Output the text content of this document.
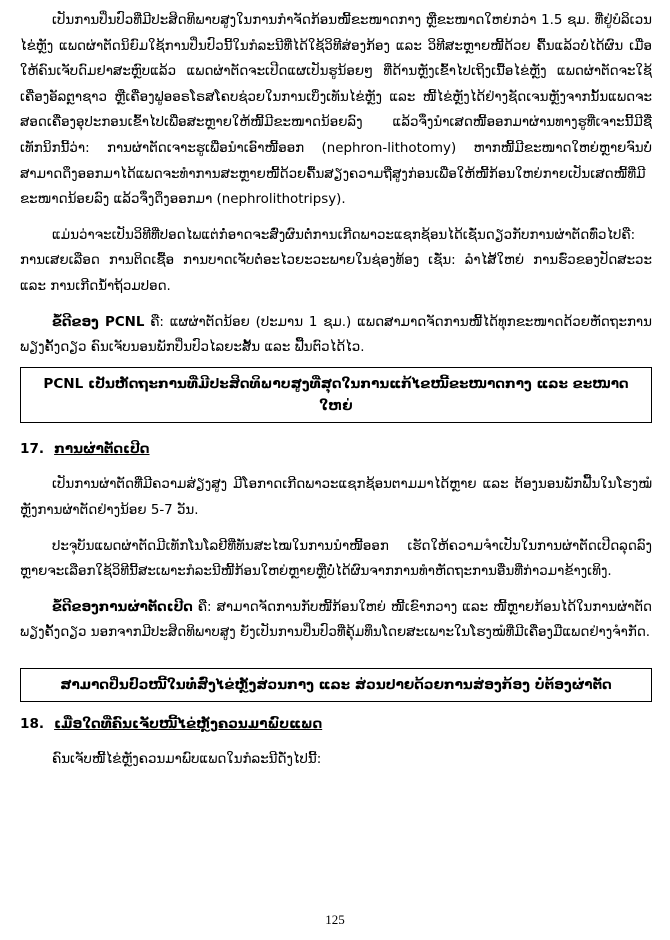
ເປັນການປິ່ນປົວທີ່ມີປະສິດທິພາບສູງໃນການກຳຈັດກ້ອນໜີ້ຂະໜາດກາງ ຫຼືຂະໜາດໃຫຍ່ກວ່າ 1.5 ຊມ. ທີ່ຢູ່ບໍລິເວນໄຂ່ຫຼັງ ແພດຜ່າຕັດນິຍົມໃຊ້ການປິ່ນປົວນີ້ໃນກໍລະນີທີ່ໄດ້ໃຊ້ວິທີສ່ອງກ້ອງ ແລະ ວິທີສະຫຼາຍໜີ້ດ້ວຍ ຄື້ນແລ້ວບໍ່ໄດ້ຜົນ ເມື່ອໃຫ້ຄົນເຈັບດົມຢາສະຫຼົບແລ້ວ ແພດຜ່າຕັດຈະເປີດແຜເປັນຮູນ້ອຍໆ ທີ່ດ້ານຫຼັງເຂົ້າໄປເຖິງເນື້ອໄຂ່ຫຼັງ ແພດຜ່າຕັດຈະໃຊ້ເຄື່ອງອັລຕຼາຊາວ ຫຼືເຄື່ອງຟູອອຣໂຣສໂຄບຊ່ວຍໃນການເບິ່ງເທັນໄຂ່ຫຼັງ ແລະ ໜີ້ໄຂ່ຫຼັງໄດ້ຢ່າງຊັດເຈນຫຼັງຈາກນັ້ນແພດຈະສອດເຄື່ອງອຸປະກອນເຂົ້າໄປເພື່ອສະຫຼາຍໃຫ້ໜີ້ມີຂະໜາດນ້ອຍລົງ ແລ້ວຈຶ່ງນຳເສດໜີ້ອອກມາຜ່ານທາງຮູທີ່ເຈາະນີ້ມີຊື່ເທັກນິກນີ້ວ່າ: ການຜ່າຕັດເຈາະຮູເພື່ອນຳເອົາໜີ້ອອກ (nephron-lithotomy) ຫາກໜີ້ມີຂະໜາດໃຫຍ່ຫຼາຍຈົນບໍ່ສາມາດດຶງອອກມາໄດ້ແພດຈະທຳການສະຫຼາຍໜີ້ດ້ວຍຄື້ນສຽງຄວາມຖີ່ສູງກ່ອນເພື່ອໃຫ້ໜີ້ກ້ອນໃຫຍ່ກາຍເປັນເສດໜີ້ທີ່ມີຂະໜາດນ້ອຍລົງ ແລ້ວຈຶ່ງດຶງອອກມາ (nephrolithotripsy).

ແມ່ນວ່າຈະເປັນວິທີທີ່ປອດໄພແຕ່ກໍ່ອາດຈະສົ່ງຜົນຕໍ່ການເກີດພາວະແຊກຊ້ອນໄດ້ເຊັ່ນດຽວກັບການຜ່າຕັດທົ່ວໄປຄື: ການເສຍເລືອດ ການຕິດເຊື້ອ ການບາດເຈັບຕໍ່ອະໄວຍະວະພາຍໃນຊ່ອງທ້ອງ ເຊັ່ນ: ລຳໄສ້ໃຫຍ່ ການຮົ່ວຂອງປັດສະວະ ແລະ ການເກີດນ້ຳຖ້ວມປອດ.

ຂໍ້ດີຂອງ PCNL ຄື: ແຜຜ່າຕັດນ້ອຍ (ປະມານ 1 ຊມ.) ແພດສາມາດຈັດການໜີ້ໄດ້ທຸກຂະໜາດດ້ວຍຫັດຖະການພຽງຄັ້ງດຽວ ຄົນເຈັບນອນພັກປິ່ນປົວໄລຍະສັ້ນ ແລະ ຟື້ນຕົວໄດ້ໄວ.

PCNL ເປັນຫັດຖະການທີ່ມີປະສິດທິພາບສູງທີ່ສຸດໃນການແກ້ໄຂໜີ້ຂະໜາດກາງ ແລະ ຂະໜາດໃຫຍ່
17. ການຜ່າຕັດເປີດ

ເປັນການຜ່າຕັດທີ່ມີຄວາມສ່ຽງສູງ ມີໂອກາດເກີດພາວະແຊກຊ້ອນຕາມມາໄດ້ຫຼາຍ ແລະ ຕ້ອງນອນພັກຟື້ນໃນໂຮງໝໍຫຼັງການຜ່າຕັດຢ່າງນ້ອຍ 5-7 ວັນ.

ປະຈຸບັນແພດຜ່າຕັດມີເທັກໂນໂລຢີທີ່ທັນສະໄໝໃນການນຳໜີ້ອອກ ເຮັດໃຫ້ຄວາມຈຳເປັນໃນການຜ່າຕັດເປີດລຸດລົງຫຼາຍຈະເລືອກໃຊ້ວິທີນີ້ສະເພາະກໍລະນີໜີ້ກ້ອນໃຫຍ່ຫຼາຍຫຼືບໍ່ໄດ້ຜົນຈາກການທຳຫັດຖະການອື່ນທີ່ກ່າວມາຂ້າງເທິງ.

ຂໍ້ດີຂອງການຜ່າຕັດເປີດ ຄື: ສາມາດຈັດການກັບໜີ້ກ້ອນໃຫຍ່ ໜີ້ເຂົາກວາງ ແລະ ໜີ້ຫຼາຍກ້ອນໄດ້ໃນການຜ່າຕັດພຽງຄັ້ງດຽວ ນອກຈາກມີປະສິດທິພາບສູງ ຍັງເປັນການປິ່ນປົວທີ່ຄຸ້ມທຶນໂດຍສະເພາະໃນໂຮງໝໍທີ່ມີເຄື່ອງມືແພດຢ່າງຈຳກັດ.

ສາມາດປິ່ນປົວໜີ້ໃນທໍ່ສົ່ງໄຂ່ຫຼັງສ່ວນກາງ ແລະ ສ່ວນປາຍດ້ວຍການສ່ອງກ້ອງ ບໍ່ຕ້ອງຜ່າຕັດ
18. ເມື່ອໃດທີ່ຄົນເຈັບໜີ້ໄຂ່ຫຼັງຄວນມາພົບແພດ

ຄົນເຈັບໜີ້ໄຂ່ຫຼັງຄວນມາພົບແພດໃນກໍລະນີດັ່ງໄປນີ້:

125
